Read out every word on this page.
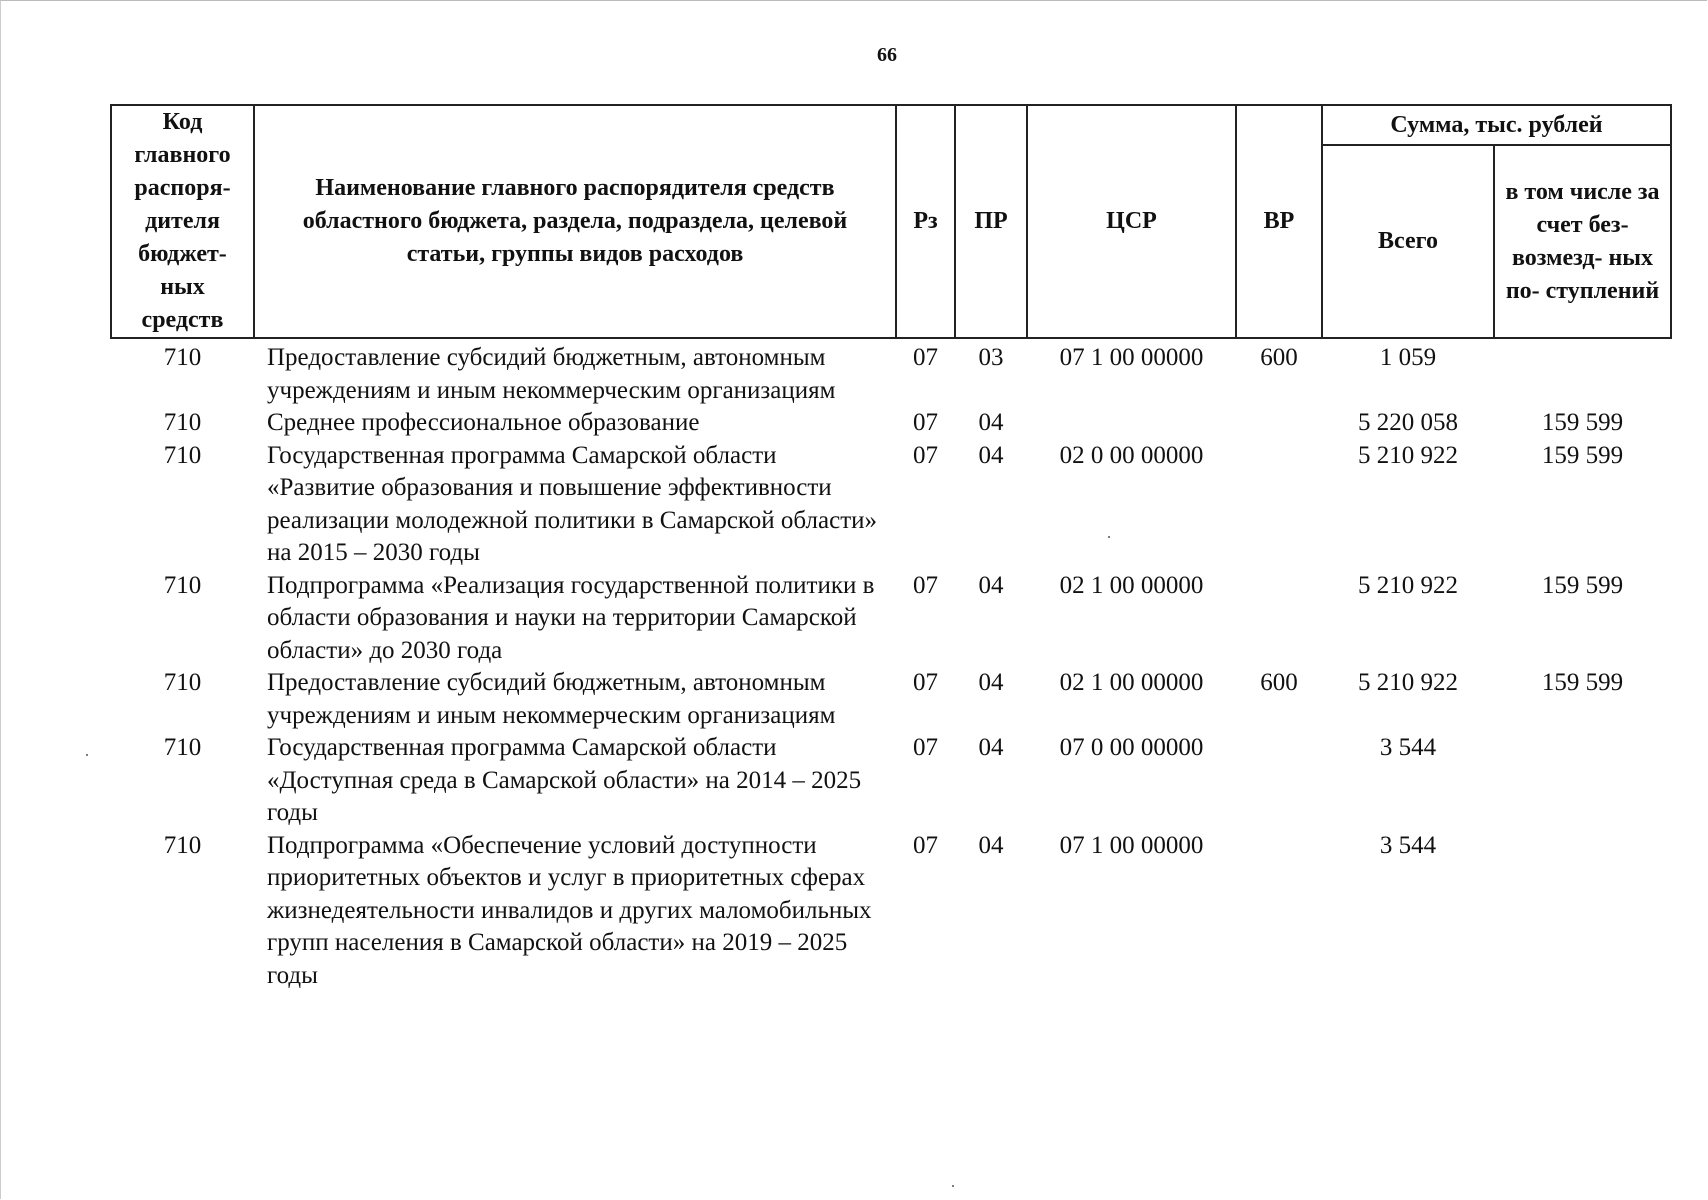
66
Код главного распоря- дителя бюджет- ных средств	Наименование главного распорядителя средств областного бюджета, раздела, подраздела, целевой статьи, группы видов расходов	Рз	ПР	ЦСР	ВР	Сумма, тыс. рублей	
						Всего	в том числе за счет без- возмезд- ных по- ступлений
710	Предоставление субсидий бюджетным, автономным учреждениям и иным некоммерческим организациям	07	03	07 1 00 00000	600	1 059	
710	Среднее профессиональное образование	07	04			5 220 058	159 599
710	Государственная программа Самарской области «Развитие образования и повышение эффективности реализации молодежной политики в Самарской области» на 2015 – 2030 годы	07	04	02 0 00 00000		5 210 922	159 599
710	Подпрограмма «Реализация государственной политики в области образования и науки на территории Самарской области» до 2030 года	07	04	02 1 00 00000		5 210 922	159 599
710	Предоставление субсидий бюджетным, автономным учреждениям и иным некоммерческим организациям	07	04	02 1 00 00000	600	5 210 922	159 599
710	Государственная программа Самарской области «Доступная среда в Самарской области» на 2014 – 2025 годы	07	04	07 0 00 00000		3 544	
710	Подпрограмма «Обеспечение условий доступности приоритетных объектов и услуг в приоритетных сферах жизнедеятельности инвалидов и других маломобильных групп населения в Самарской области» на 2019 – 2025 годы	07	04	07 1 00 00000		3 544	
